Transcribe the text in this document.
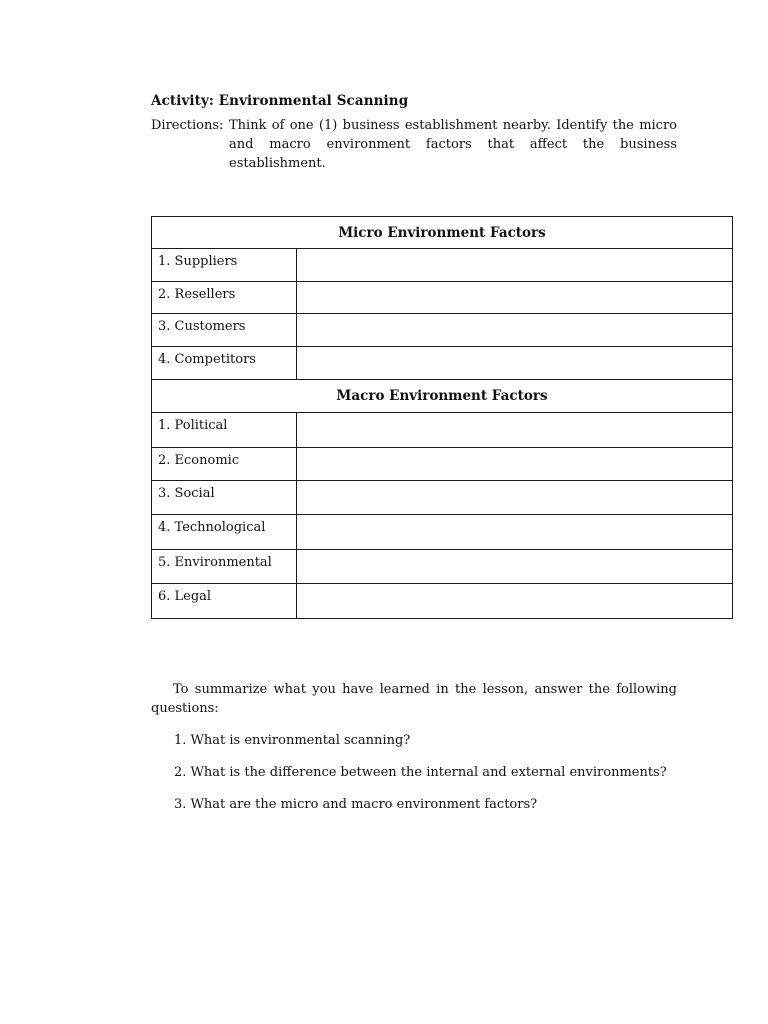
Activity: Environmental Scanning
Directions: Think of one (1) business establishment nearby. Identify the micro and macro environment factors that affect the business establishment.
Micro Environment Factors	
1. Suppliers	
2. Resellers	
3. Customers	
4. Competitors	
Macro Environment Factors	
1. Political	
2. Economic	
3. Social	
4. Technological	
5. Environmental	
6. Legal	
To summarize what you have learned in the lesson, answer the following questions:
1. What is environmental scanning?
2. What is the difference between the internal and external environments?
3. What are the micro and macro environment factors?
